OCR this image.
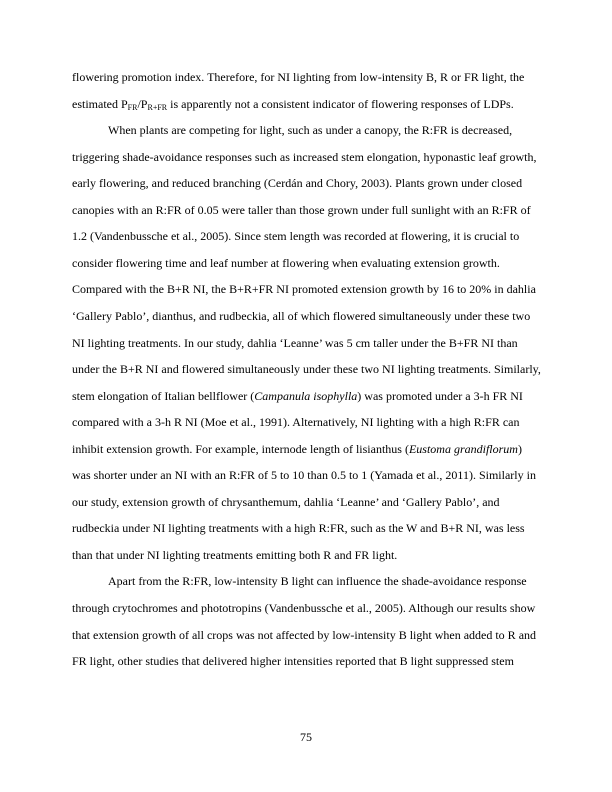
flowering promotion index. Therefore, for NI lighting from low-intensity B, R or FR light, the
estimated $P_{FR}/P_{R+FR}$ is apparently not a consistent indicator of flowering responses of LDPs.
When plants are competing for light, such as under a canopy, the R:FR is decreased,
triggering shade-avoidance responses such as increased stem elongation, hyponastic leaf growth,
early flowering, and reduced branching (Cerdán and Chory, 2003). Plants grown under closed
canopies with an R:FR of 0.05 were taller than those grown under full sunlight with an R:FR of
1.2 (Vandenbussche et al., 2005). Since stem length was recorded at flowering, it is crucial to
consider flowering time and leaf number at flowering when evaluating extension growth.
Compared with the B+R NI, the B+R+FR NI promoted extension growth by 16 to 20% in dahlia
‘Gallery Pablo’, dianthus, and rudbeckia, all of which flowered simultaneously under these two
NI lighting treatments. In our study, dahlia ‘Leanne’ was 5 cm taller under the B+FR NI than
under the B+R NI and flowered simultaneously under these two NI lighting treatments. Similarly,
stem elongation of Italian bellflower (Campanula isophylla) was promoted under a 3-h FR NI
compared with a 3-h R NI (Moe et al., 1991). Alternatively, NI lighting with a high R:FR can
inhibit extension growth. For example, internode length of lisianthus (Eustoma grandiflorum)
was shorter under an NI with an R:FR of 5 to 10 than 0.5 to 1 (Yamada et al., 2011). Similarly in
our study, extension growth of chrysanthemum, dahlia ‘Leanne’ and ‘Gallery Pablo’, and
rudbeckia under NI lighting treatments with a high R:FR, such as the W and B+R NI, was less
than that under NI lighting treatments emitting both R and FR light.
Apart from the R:FR, low-intensity B light can influence the shade-avoidance response
through crytochromes and phototropins (Vandenbussche et al., 2005). Although our results show
that extension growth of all crops was not affected by low-intensity B light when added to R and
FR light, other studies that delivered higher intensities reported that B light suppressed stem
75
